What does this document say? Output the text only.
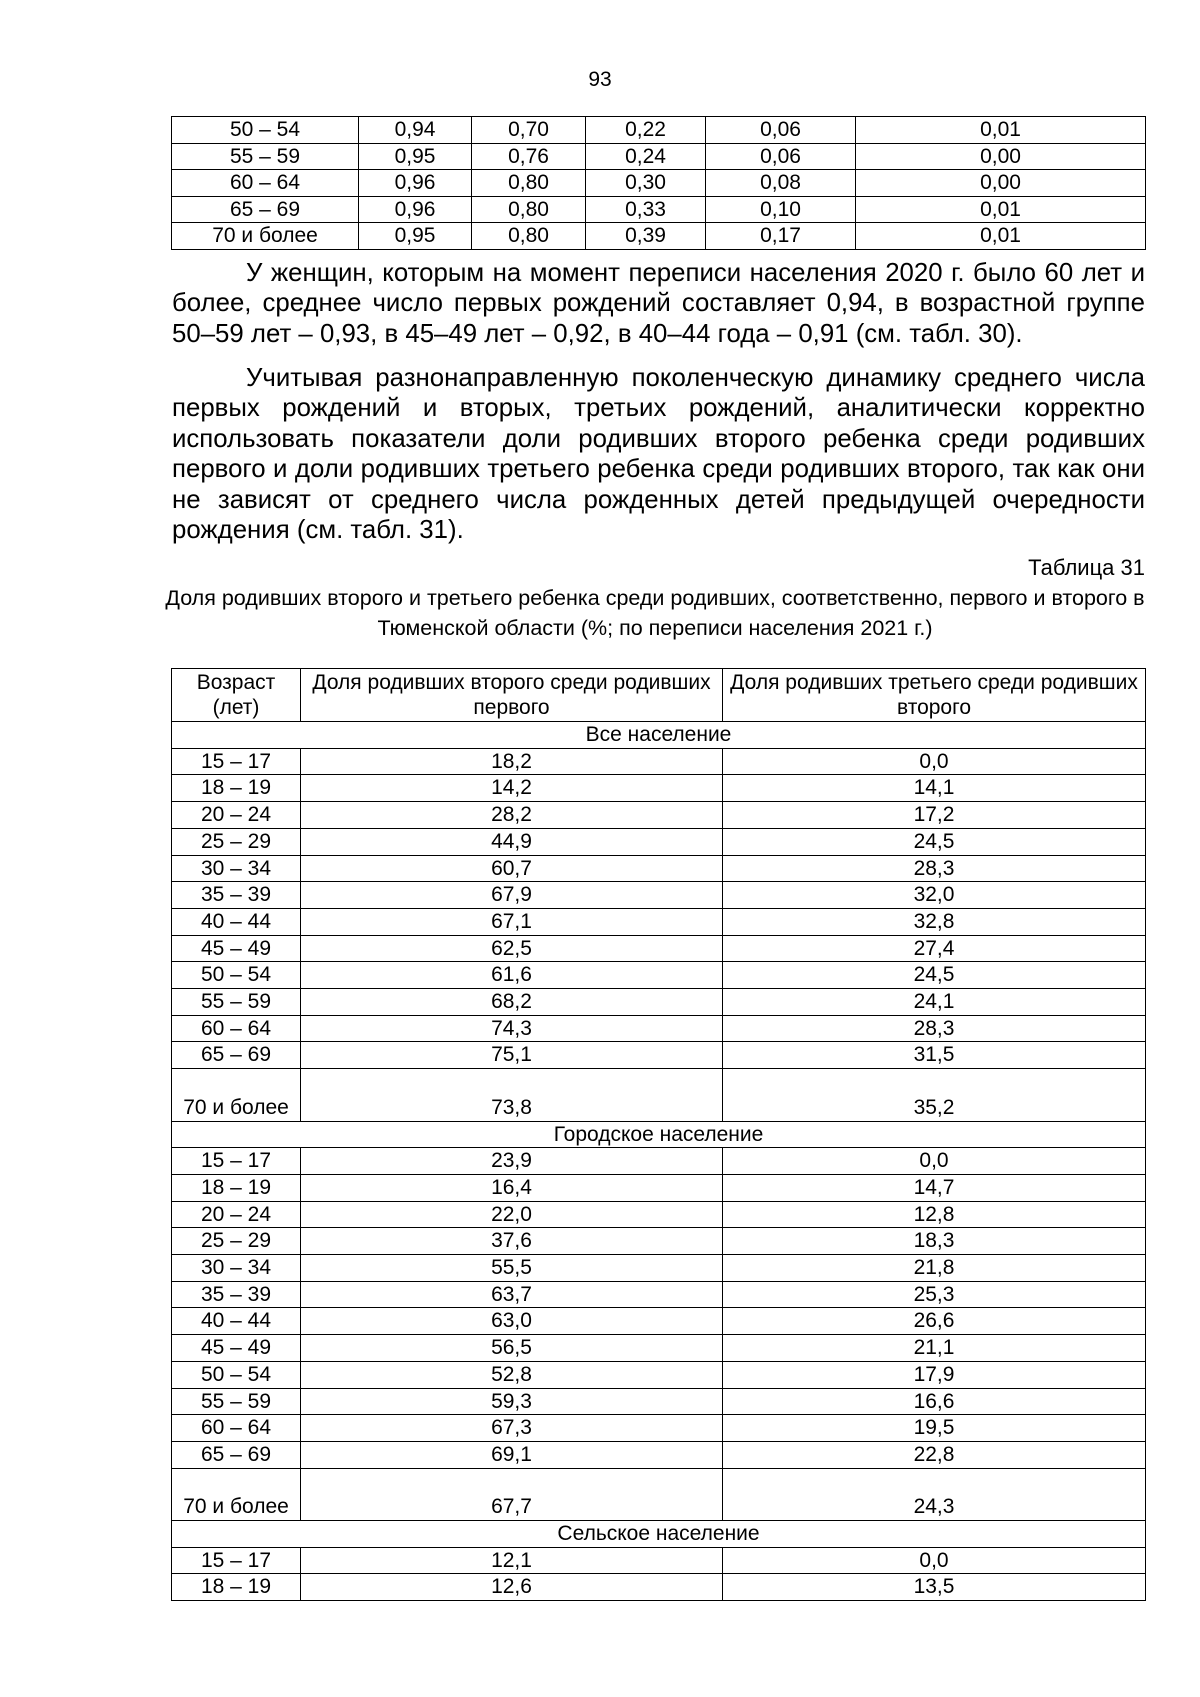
93
50 – 54	0,94	0,70	0,22	0,06	0,01
55 – 59	0,95	0,76	0,24	0,06	0,00
60 – 64	0,96	0,80	0,30	0,08	0,00
65 – 69	0,96	0,80	0,33	0,10	0,01
70 и более	0,95	0,80	0,39	0,17	0,01

У женщин, которым на момент переписи населения 2020 г. было 60 лет и более, среднее число первых рождений составляет 0,94, в возрастной группе 50–59 лет – 0,93, в 45–49 лет – 0,92, в 40–44 года – 0,91 (см. табл. 30).

Учитывая разнонаправленную поколенческую динамику среднего числа первых рождений и вторых, третьих рождений, аналитически корректно использовать показатели доли родивших второго ребенка среди родивших первого и доли родивших третьего ребенка среди родивших второго, так как они не зависят от среднего числа рожденных детей предыдущей очередности рождения (см. табл. 31).

Таблица 31
Доля родивших второго и третьего ребенка среди родивших, соответственно, первого и второго в Тюменской области (%; по переписи населения 2021 г.)
Возраст (лет)	Доля родивших второго среди родивших первого	Доля родивших третьего среди родивших второго
Все население		
15 – 17	18,2	0,0
18 – 19	14,2	14,1
20 – 24	28,2	17,2
25 – 29	44,9	24,5
30 – 34	60,7	28,3
35 – 39	67,9	32,0
40 – 44	67,1	32,8
45 – 49	62,5	27,4
50 – 54	61,6	24,5
55 – 59	68,2	24,1
60 – 64	74,3	28,3
65 – 69	75,1	31,5
70 и более	73,8	35,2
Городское население		
15 – 17	23,9	0,0
18 – 19	16,4	14,7
20 – 24	22,0	12,8
25 – 29	37,6	18,3
30 – 34	55,5	21,8
35 – 39	63,7	25,3
40 – 44	63,0	26,6
45 – 49	56,5	21,1
50 – 54	52,8	17,9
55 – 59	59,3	16,6
60 – 64	67,3	19,5
65 – 69	69,1	22,8
70 и более	67,7	24,3
Сельское население		
15 – 17	12,1	0,0
18 – 19	12,6	13,5
